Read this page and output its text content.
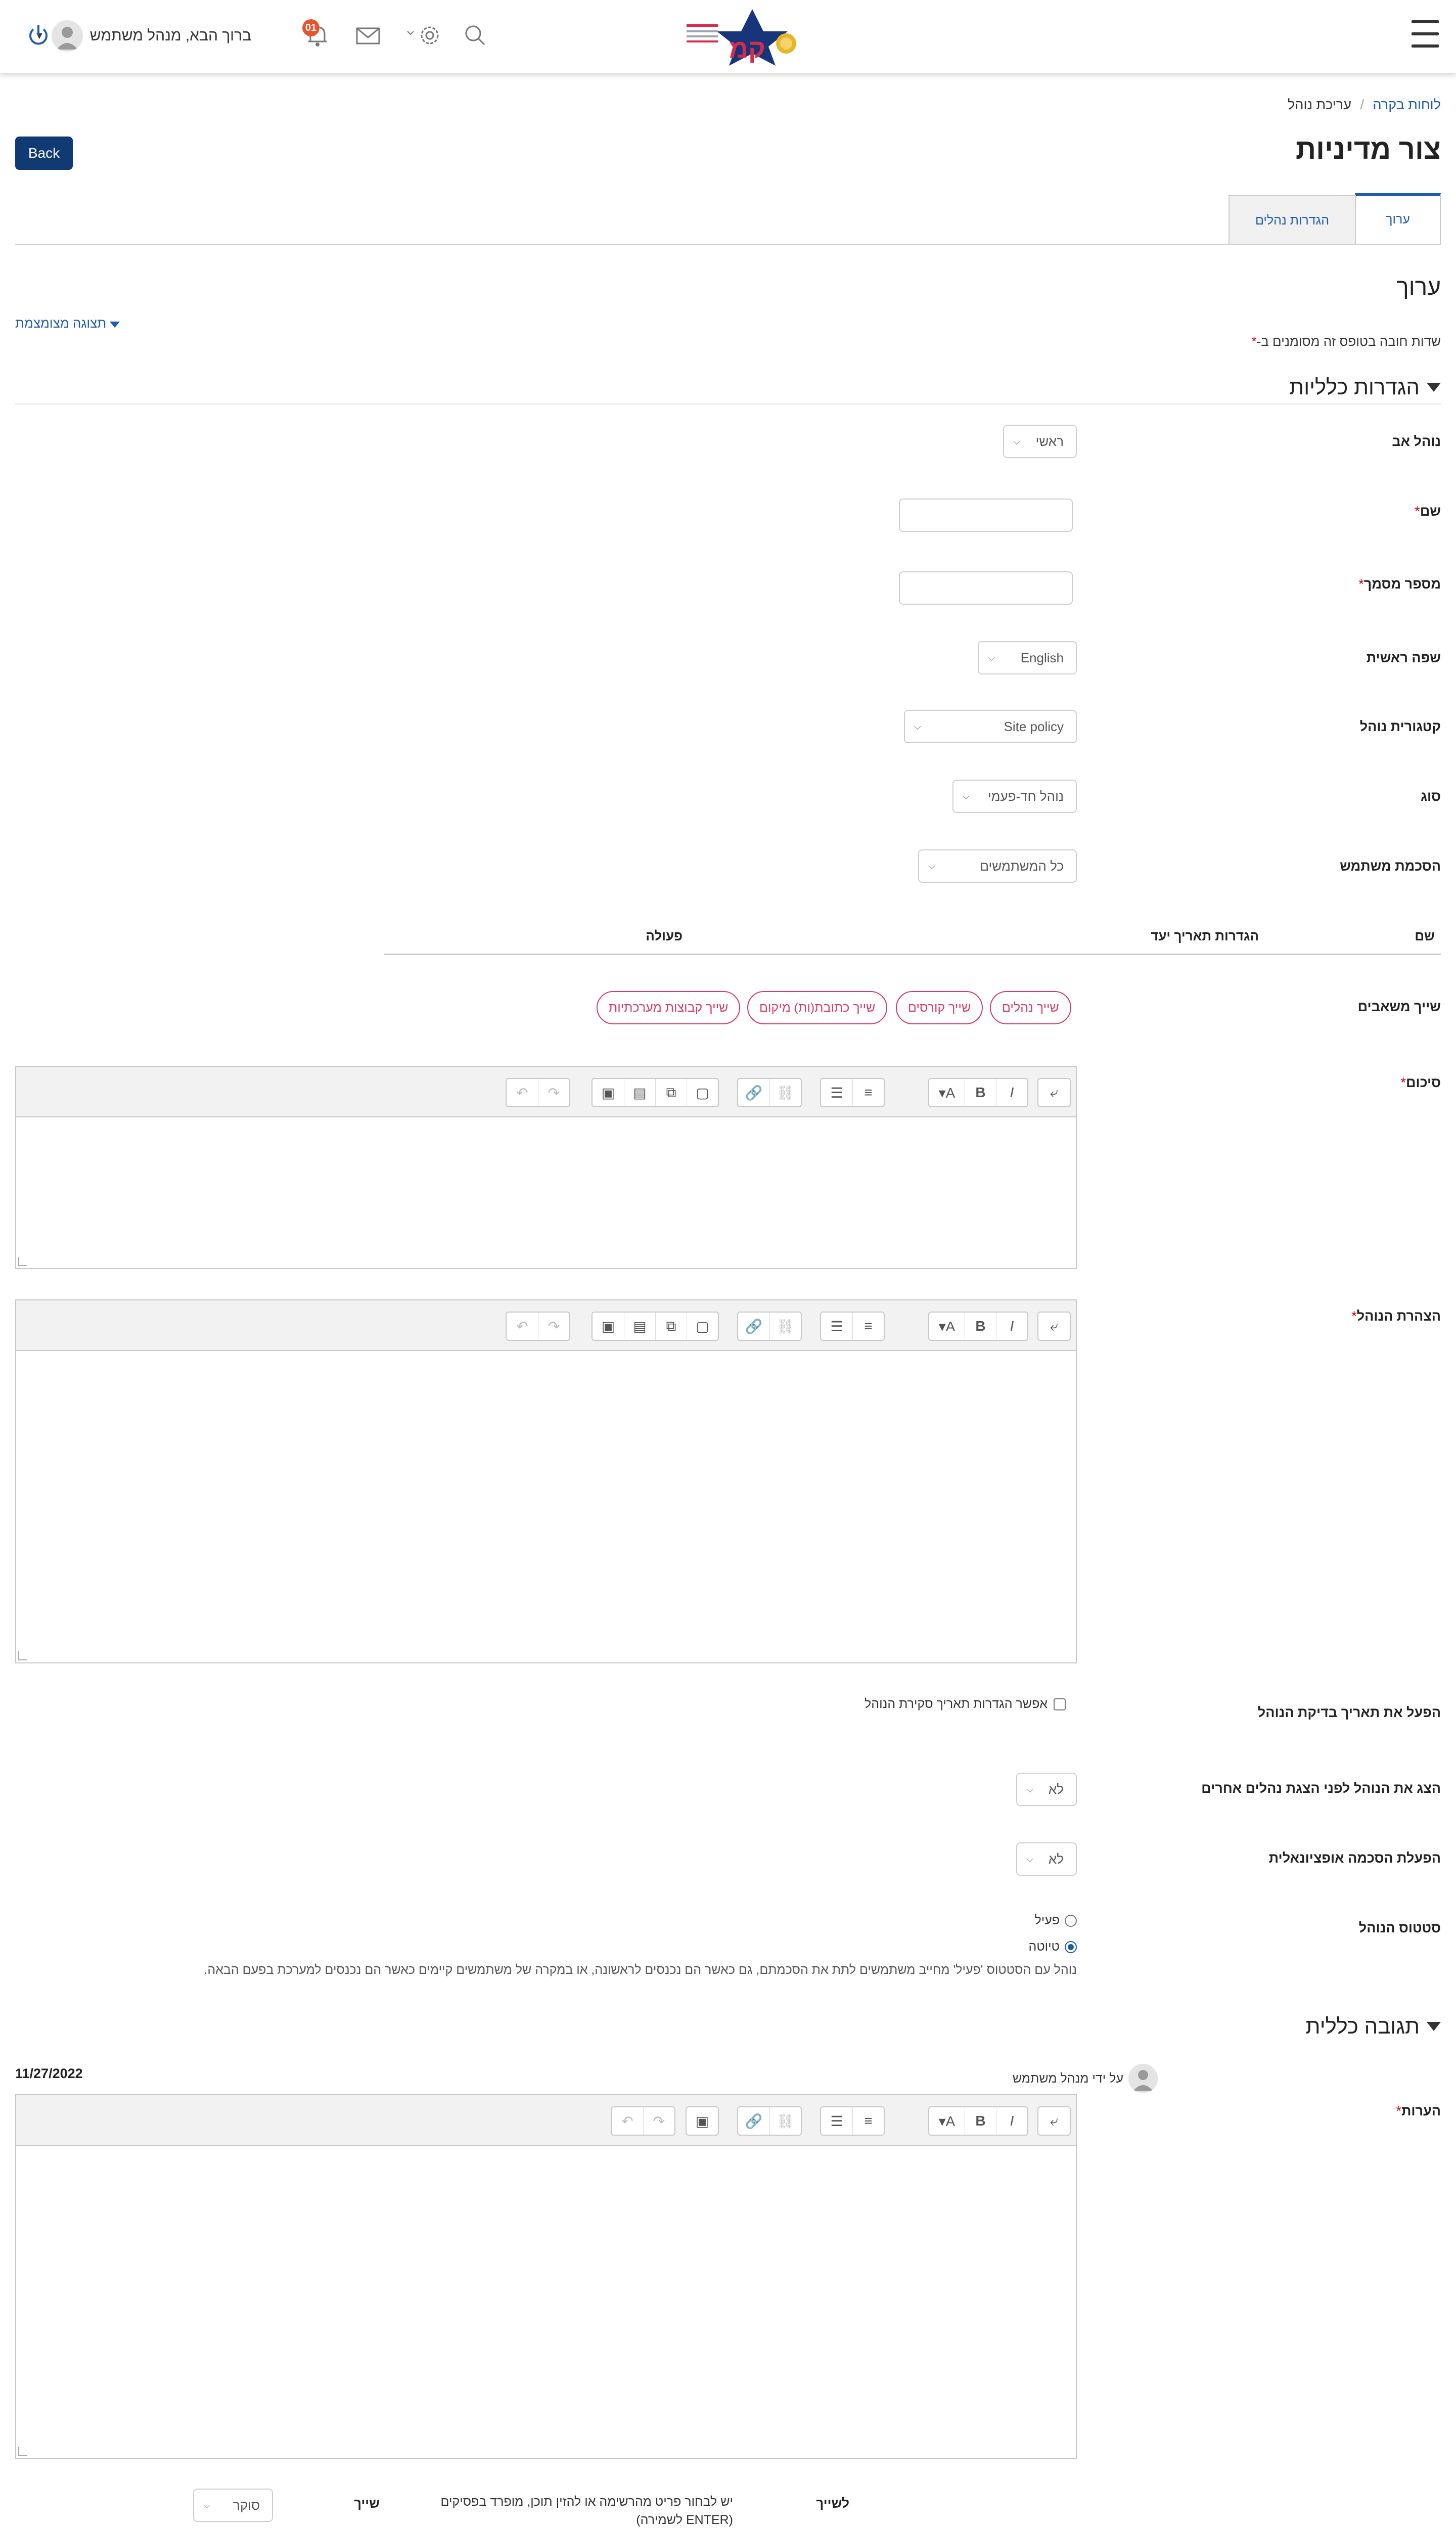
קמ
01
ברוך הבא, מנהל משתמש
▼
לוחות בקרה / עריכת נוהל
צור מדיניות
Back
ערוך
הגדרות נהלים
ערוך
תצוגה מצומצמת
שדות חובה בטופס זה מסומנים ב-*
הגדרות כלליות
נוהל אב
ראשי
⌵
שם*
מספר מסמך*
שפה ראשית
English
⌵
קטגורית נוהל
Site policy
⌵
סוג
נוהל חד-פעמי
⌵
הסכמת משתמש
כל המשתמשים
⌵
שם
הגדרות תאריך יעד
פעולה
שייך משאבים
שייך נהלים
שייך קורסים
שייך כתובת(ות) מיקום
שייך קבוצות מערכתיות
סיכום*
⤶
▾A	B	I
☰	≡
🔗 ⛓
▣	▤	⧉	▢
↶	↷
הצהרת הנוהל*
⤶
▾A	B	I
☰	≡
🔗 ⛓
▣	▤	⧉	▢
↶	↷
הפעל את תאריך בדיקת הנוהל
אפשר הגדרות תאריך סקירת הנוהל
הצג את הנוהל לפני הצגת נהלים אחרים
לא
⌵
הפעלת הסכמה אופציונאלית
לא
⌵
סטטוס הנוהל
פעיל
טיוטה
נוהל עם הסטטוס 'פעיל' מחייב משתמשים לתת את הסכמתם, גם כאשר הם נכנסים לראשונה, או במקרה של משתמשים קיימים כאשר הם נכנסים למערכת בפעם הבאה.
תגובה כללית
על ידי מנהל משתמש
11/27/2022
הערות*
⤶
▾A	B	I
☰	≡
🔗 ⛓
▣
↶	↷
לשייך
יש לבחור פריט מהרשימה או להזין תוכן, מופרד בפסיקים (ENTER לשמירה)
שייך
סוקר
⌵
